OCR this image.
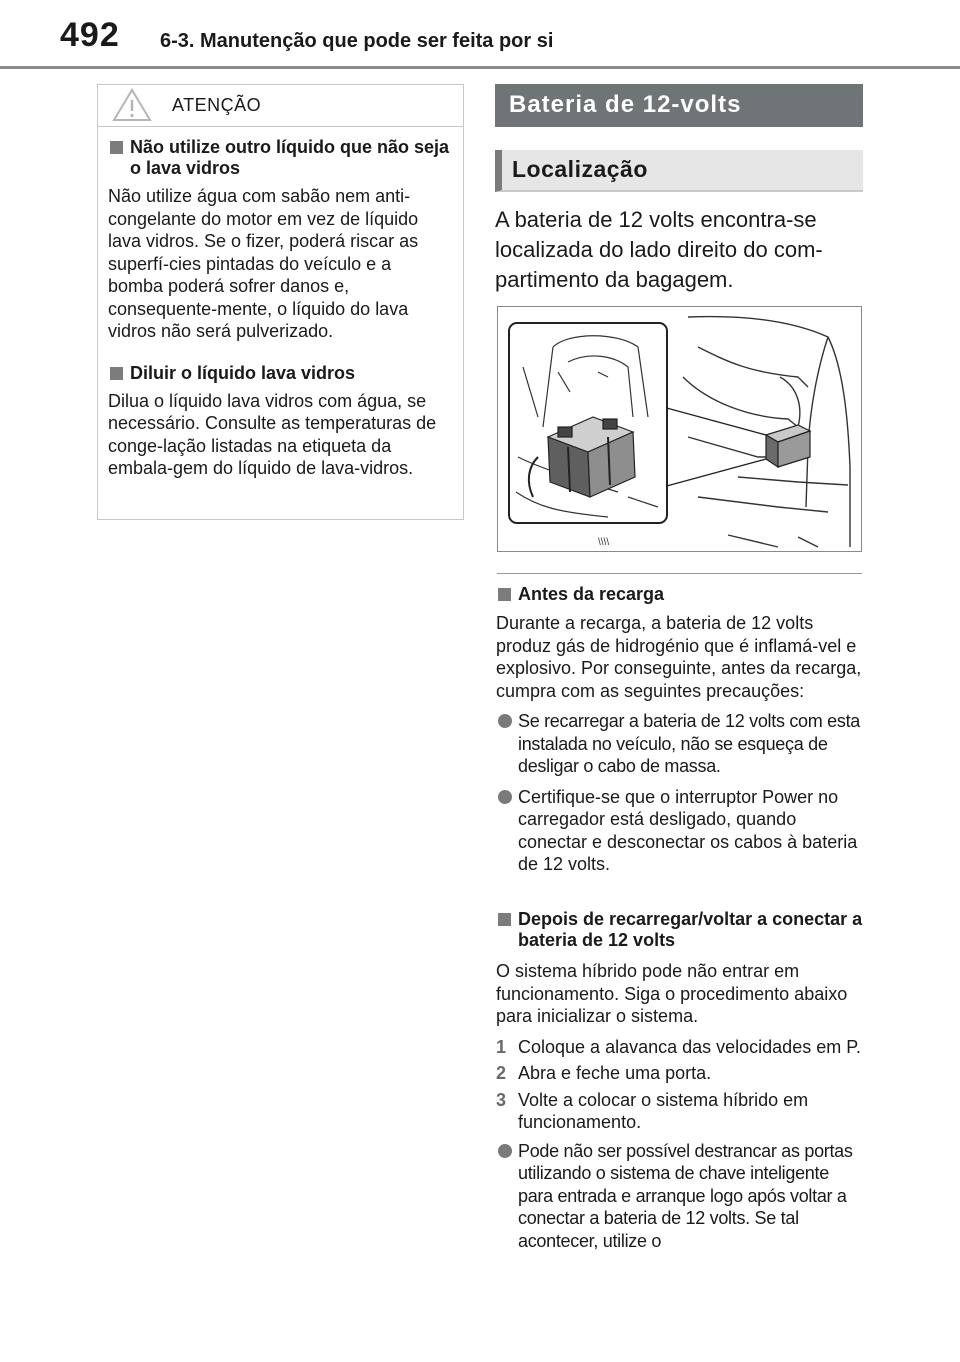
492 6-3. Manutenção que pode ser feita por si
ATENÇÃO
Não utilize outro líquido que não seja o lava vidros
Não utilize água com sabão nem anti-congelante do motor em vez de líquido lava vidros. Se o fizer, poderá riscar as superfí-cies pintadas do veículo e a bomba poderá sofrer danos e, consequente-mente, o líquido do lava vidros não será pulverizado.
Diluir o líquido lava vidros
Dilua o líquido lava vidros com água, se necessário. Consulte as temperaturas de conge-lação listadas na etiqueta da embala-gem do líquido de lava-vidros.
Bateria de 12-volts
Localização
A bateria de 12 volts encontra-se localizada do lado direito do com-partimento da bagagem.
\\\\
Antes da recarga
Durante a recarga, a bateria de 12 volts produz gás de hidrogénio que é inflamá-vel e explosivo. Por conseguinte, antes da recarga, cumpra com as seguintes precauções:
Se recarregar a bateria de 12 volts com esta instalada no veículo, não se esqueça de desligar o cabo de massa.
Certifique-se que o interruptor Power no carregador está desligado, quando conectar e desconectar os cabos à bateria de 12 volts.
Depois de recarregar/voltar a conectar a bateria de 12 volts
O sistema híbrido pode não entrar em funcionamento. Siga o procedimento abaixo para inicializar o sistema.
1 Coloque a alavanca das velocidades em P.
2 Abra e feche uma porta.
3 Volte a colocar o sistema híbrido em funcionamento.
Pode não ser possível destrancar as portas utilizando o sistema de chave inteligente para entrada e arranque logo após voltar a conectar a bateria de 12 volts. Se tal acontecer, utilize o
